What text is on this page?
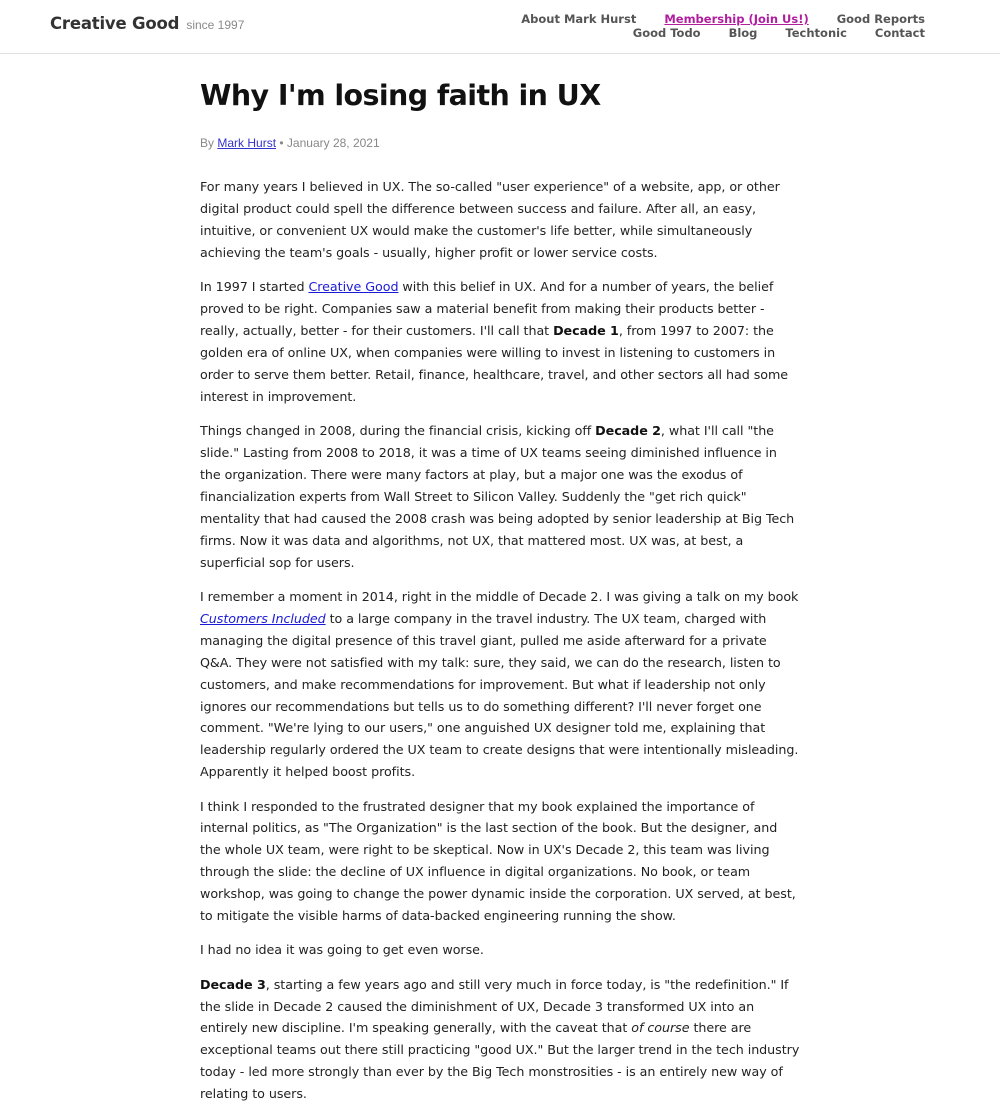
Creative Good since 1997	About Mark Hurst Membership (Join Us!) Good Reports
Good Todo Blog Techtonic Contact
Why I'm losing faith in UX
By Mark Hurst • January 28, 2021

For many years I believed in UX. The so-called "user experience" of a website, app, or other digital product could spell the difference between success and failure. After all, an easy, intuitive, or convenient UX would make the customer's life better, while simultaneously achieving the team's goals - usually, higher profit or lower service costs.

In 1997 I started Creative Good with this belief in UX. And for a number of years, the belief proved to be right. Companies saw a material benefit from making their products better - really, actually, better - for their customers. I'll call that Decade 1, from 1997 to 2007: the golden era of online UX, when companies were willing to invest in listening to customers in order to serve them better. Retail, finance, healthcare, travel, and other sectors all had some interest in improvement.

Things changed in 2008, during the financial crisis, kicking off Decade 2, what I'll call "the slide." Lasting from 2008 to 2018, it was a time of UX teams seeing diminished influence in the organization. There were many factors at play, but a major one was the exodus of financialization experts from Wall Street to Silicon Valley. Suddenly the "get rich quick" mentality that had caused the 2008 crash was being adopted by senior leadership at Big Tech firms. Now it was data and algorithms, not UX, that mattered most. UX was, at best, a superficial sop for users.

I remember a moment in 2014, right in the middle of Decade 2. I was giving a talk on my book Customers Included to a large company in the travel industry. The UX team, charged with managing the digital presence of this travel giant, pulled me aside afterward for a private Q&A. They were not satisfied with my talk: sure, they said, we can do the research, listen to customers, and make recommendations for improvement. But what if leadership not only ignores our recommendations but tells us to do something different? I'll never forget one comment. "We're lying to our users," one anguished UX designer told me, explaining that leadership regularly ordered the UX team to create designs that were intentionally misleading. Apparently it helped boost profits.

I think I responded to the frustrated designer that my book explained the importance of internal politics, as "The Organization" is the last section of the book. But the designer, and the whole UX team, were right to be skeptical. Now in UX's Decade 2, this team was living through the slide: the decline of UX influence in digital organizations. No book, or team workshop, was going to change the power dynamic inside the corporation. UX served, at best, to mitigate the visible harms of data-backed engineering running the show.

I had no idea it was going to get even worse.

Decade 3, starting a few years ago and still very much in force today, is "the redefinition." If the slide in Decade 2 caused the diminishment of UX, Decade 3 transformed UX into an entirely new discipline. I'm speaking generally, with the caveat that of course there are exceptional teams out there still practicing "good UX." But the larger trend in the tech industry today - led more strongly than ever by the Big Tech monstrosities - is an entirely new way of relating to users.
